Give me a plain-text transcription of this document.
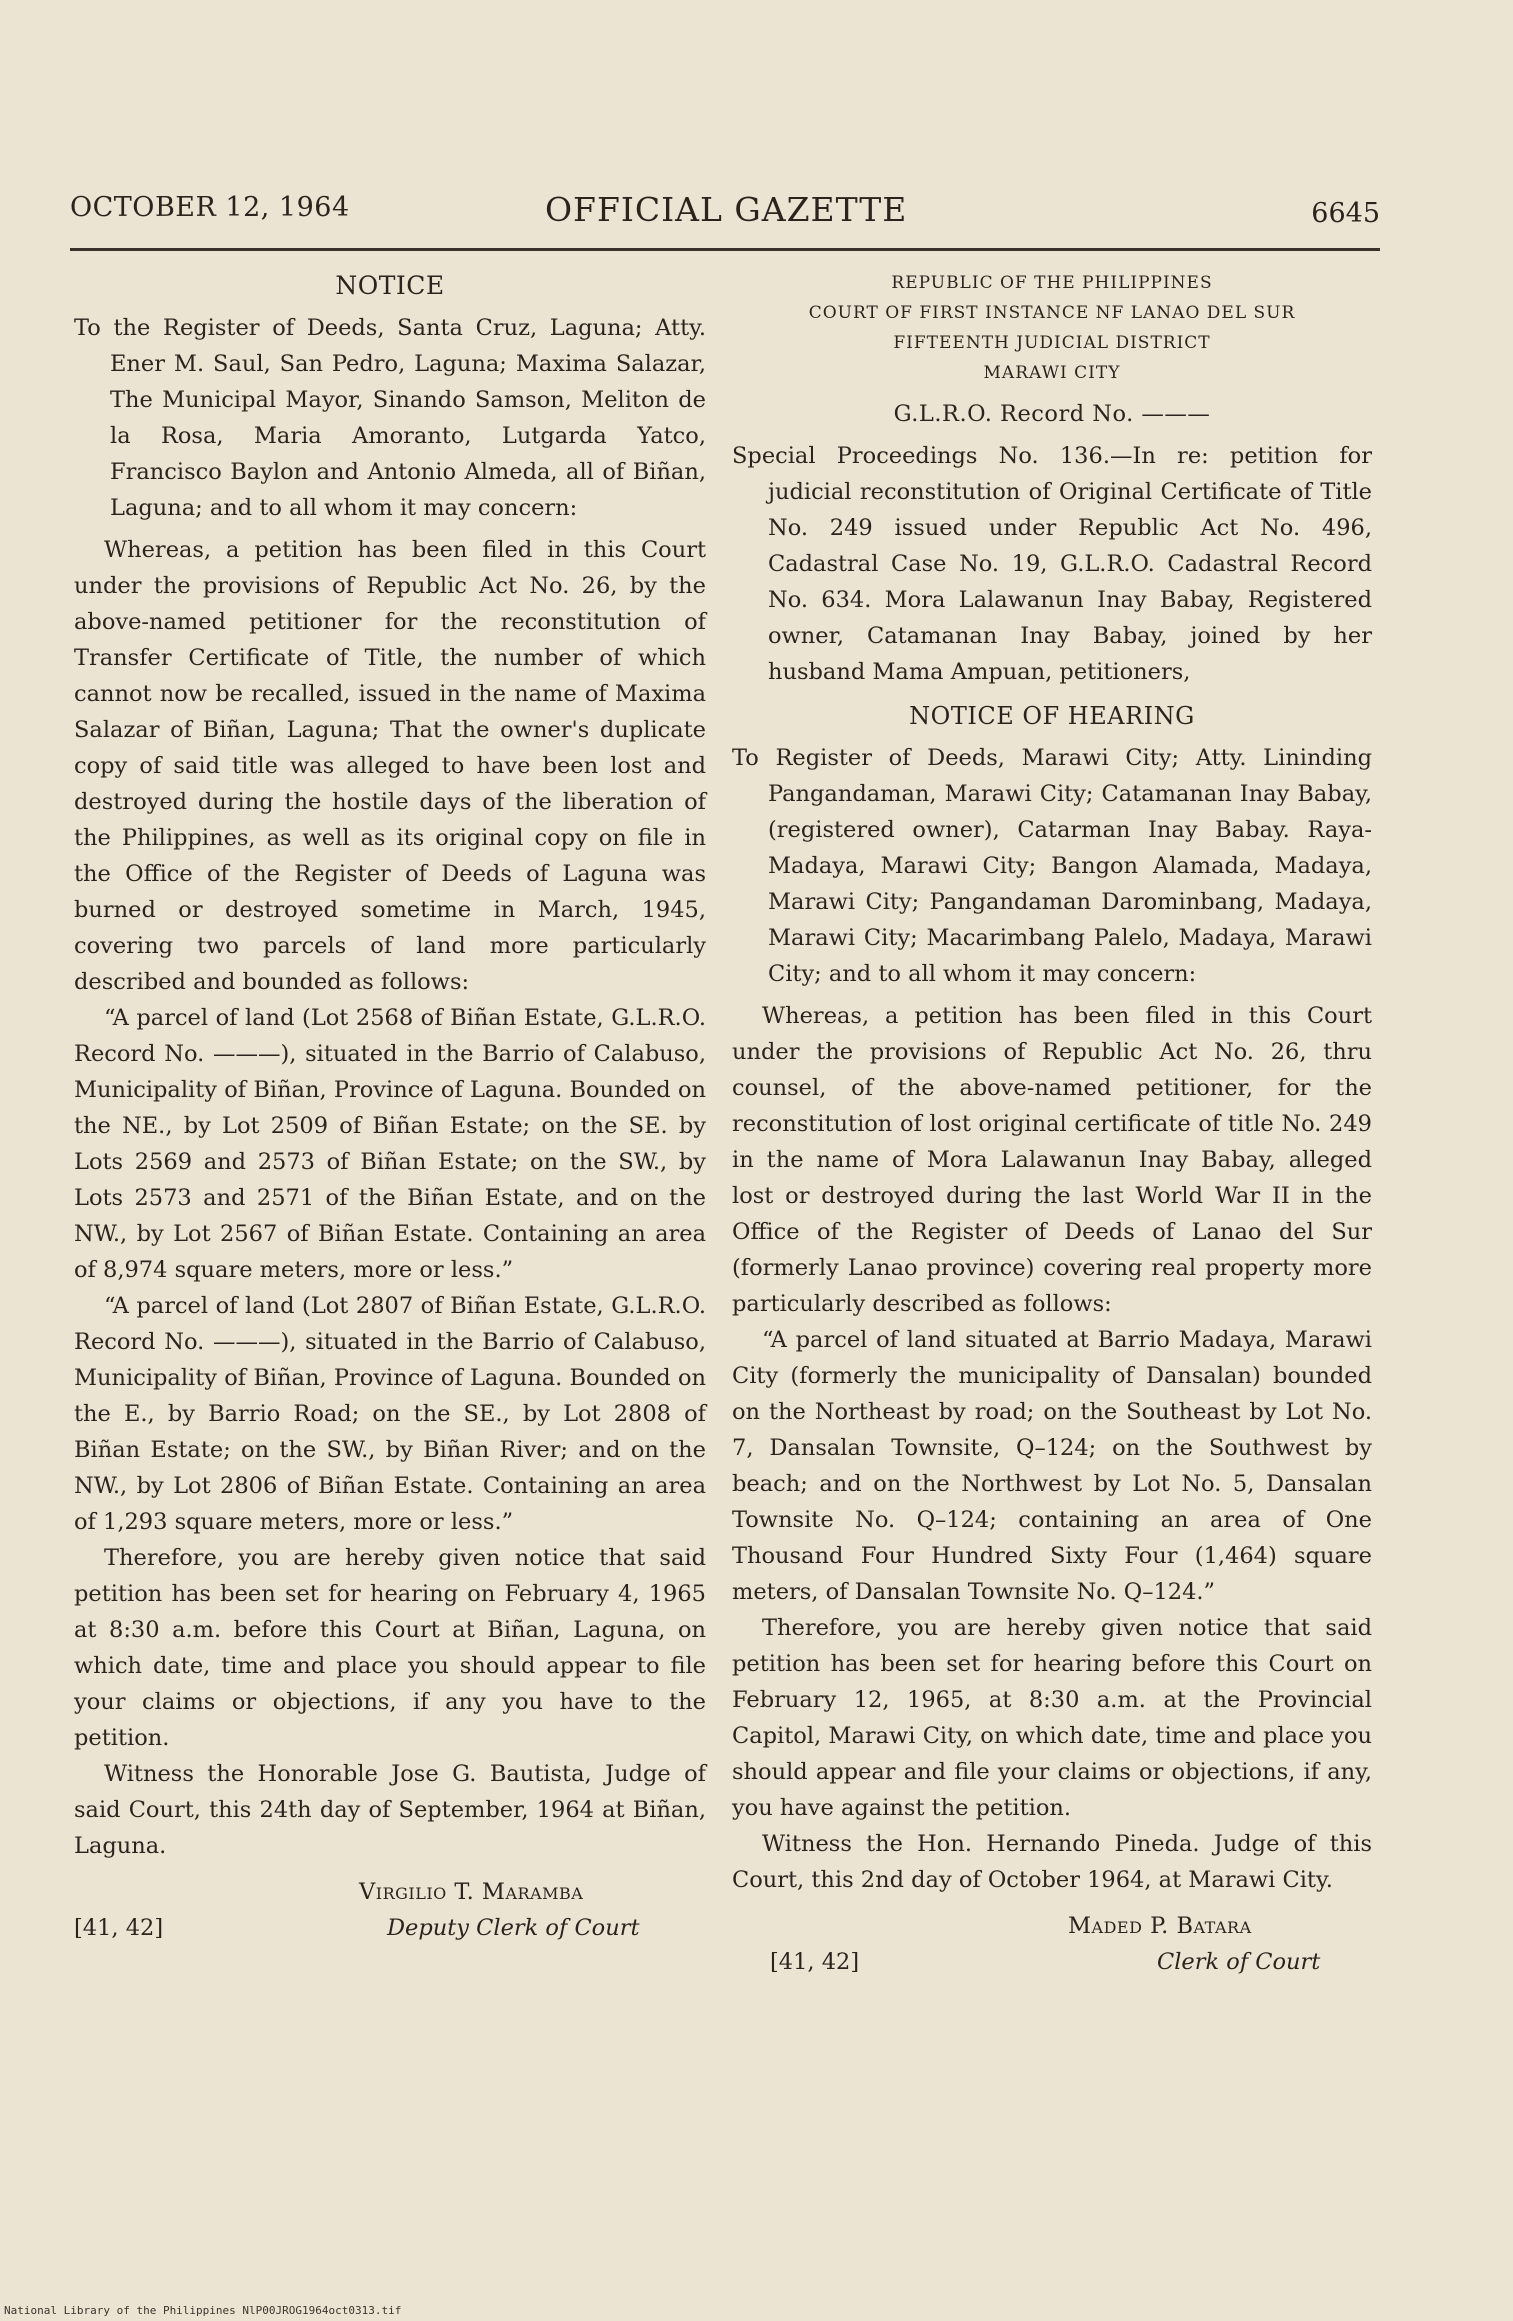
OCTOBER 12, 1964	OFFICIAL GAZETTE	6645
NOTICE

To the Register of Deeds, Santa Cruz, Laguna; Atty. Ener M. Saul, San Pedro, Laguna; Maxima Salazar, The Municipal Mayor, Sinando Samson, Meliton de la Rosa, Maria Amoranto, Lutgarda Yatco, Francisco Baylon and Antonio Almeda, all of Biñan, Laguna; and to all whom it may concern:

Whereas, a petition has been filed in this Court under the provisions of Republic Act No. 26, by the above-named petitioner for the reconstitution of Transfer Certificate of Title, the number of which cannot now be recalled, issued in the name of Maxima Salazar of Biñan, Laguna; That the owner's duplicate copy of said title was alleged to have been lost and destroyed during the hostile days of the liberation of the Philippines, as well as its original copy on file in the Office of the Register of Deeds of Laguna was burned or destroyed sometime in March, 1945, covering two parcels of land more particularly described and bounded as follows:

“A parcel of land (Lot 2568 of Biñan Estate, G.L.R.O. Record No. ———), situated in the Barrio of Calabuso, Municipality of Biñan, Province of Laguna. Bounded on the NE., by Lot 2509 of Biñan Estate; on the SE. by Lots 2569 and 2573 of Biñan Estate; on the SW., by Lots 2573 and 2571 of the Biñan Estate, and on the NW., by Lot 2567 of Biñan Estate. Containing an area of 8,974 square meters, more or less.”

“A parcel of land (Lot 2807 of Biñan Estate, G.L.R.O. Record No. ———), situated in the Barrio of Calabuso, Municipality of Biñan, Province of Laguna. Bounded on the E., by Barrio Road; on the SE., by Lot 2808 of Biñan Estate; on the SW., by Biñan River; and on the NW., by Lot 2806 of Biñan Estate. Containing an area of 1,293 square meters, more or less.”

Therefore, you are hereby given notice that said petition has been set for hearing on February 4, 1965 at 8:30 a.m. before this Court at Biñan, Laguna, on which date, time and place you should appear to file your claims or objections, if any you have to the petition.

Witness the Honorable Jose G. Bautista, Judge of said Court, this 24th day of September, 1964 at Biñan, Laguna.

[41, 42]
Virgilio T. Maramba
Deputy Clerk of Court
REPUBLIC OF THE PHILIPPINES
COURT OF FIRST INSTANCE NF LANAO DEL SUR
FIFTEENTH JUDICIAL DISTRICT
MARAWI CITY
G.L.R.O. Record No. ———

Special Proceedings No. 136.—In re: petition for judicial reconstitution of Original Certificate of Title No. 249 issued under Republic Act No. 496, Cadastral Case No. 19, G.L.R.O. Cadastral Record No. 634. Mora Lalawanun Inay Babay, Registered owner, Catamanan Inay Babay, joined by her husband Mama Ampuan, petitioners,

NOTICE OF HEARING

To Register of Deeds, Marawi City; Atty. Lininding Pangandaman, Marawi City; Catamanan Inay Babay, (registered owner), Catarman Inay Babay. Raya-Madaya, Marawi City; Bangon Alamada, Madaya, Marawi City; Pangandaman Darominbang, Madaya, Marawi City; Macarimbang Palelo, Madaya, Marawi City; and to all whom it may concern:

Whereas, a petition has been filed in this Court under the provisions of Republic Act No. 26, thru counsel, of the above-named petitioner, for the reconstitution of lost original certificate of title No. 249 in the name of Mora Lalawanun Inay Babay, alleged lost or destroyed during the last World War II in the Office of the Register of Deeds of Lanao del Sur (formerly Lanao province) covering real property more particularly described as follows:

“A parcel of land situated at Barrio Madaya, Marawi City (formerly the municipality of Dansalan) bounded on the Northeast by road; on the Southeast by Lot No. 7, Dansalan Townsite, Q–124; on the Southwest by beach; and on the Northwest by Lot No. 5, Dansalan Townsite No. Q–124; containing an area of One Thousand Four Hundred Sixty Four (1,464) square meters, of Dansalan Townsite No. Q–124.”

Therefore, you are hereby given notice that said petition has been set for hearing before this Court on February 12, 1965, at 8:30 a.m. at the Provincial Capitol, Marawi City, on which date, time and place you should appear and file your claims or objections, if any, you have against the petition.

Witness the Hon. Hernando Pineda. Judge of this Court, this 2nd day of October 1964, at Marawi City.

[41, 42]
Maded P. Batara
Clerk of Court
National Library of the Philippines NlP00JROG1964oct0313.tif
